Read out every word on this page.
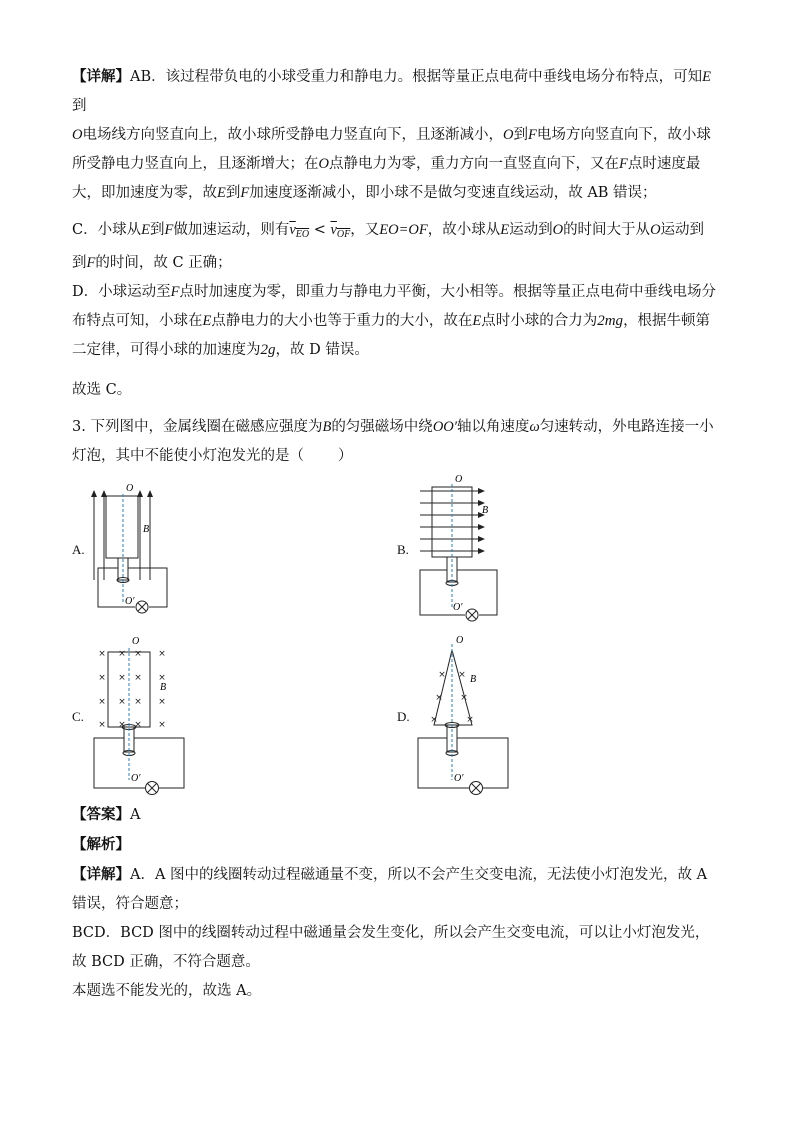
【详解】AB．该过程带负电的小球受重力和静电力。根据等量正点电荷中垂线电场分布特点，可知E到
O电场线方向竖直向上，故小球所受静电力竖直向下，且逐渐减小，O到F电场方向竖直向下，故小球所受静电力竖直向上，且逐渐增大；在O点静电力为零，重力方向一直竖直向下，又在F点时速度最大，即加速度为零，故E到F加速度逐渐减小，即小球不是做匀变速直线运动，故 AB 错误；

C．小球从E到F做加速运动，则有$v_{EO} < v_{OF}$，又EO=OF，故小球从E运动到O的时间大于从O运动到
到F的时间，故 C 正确；

D．小球运动至F点时加速度为零，即重力与静电力平衡，大小相等。根据等量正点电荷中垂线电场分布特点可知，小球在E点静电力的大小也等于重力的大小，故在E点时小球的合力为2mg，根据牛顿第二定律，可得小球的加速度为2g，故 D 错误。

故选 C。

3. 下列图中，金属线圈在磁感应强度为B的匀强磁场中绕OO′轴以角速度ω匀速转动，外电路连接一小灯泡，其中不能使小灯泡发光的是（ ）

A.
O
B
O′
B.
O
B
O′
C.
× × × ×
× × × ×
× × × ×
× × × ×
O
B
O′
D.
× ×
× ×
×	×
O
B
O′

【答案】A

【解析】

【详解】A．A 图中的线圈转动过程磁通量不变，所以不会产生交变电流，无法使小灯泡发光，故 A 错误，符合题意；

BCD．BCD 图中的线圈转动过程中磁通量会发生变化，所以会产生交变电流，可以让小灯泡发光，故 BCD 正确，不符合题意。

本题选不能发光的，故选 A。
